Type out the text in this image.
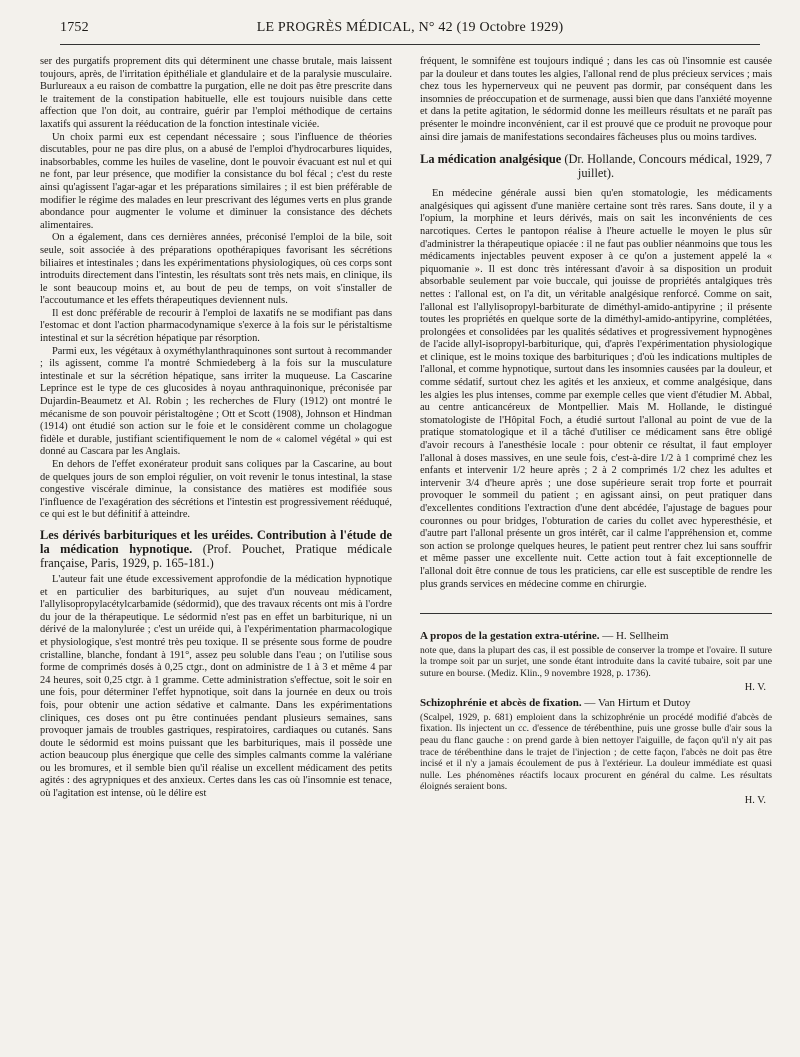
1752	LE PROGRÈS MÉDICAL, N° 42 (19 Octobre 1929)

ser des purgatifs proprement dits qui déterminent une chasse brutale, mais laissent toujours, après, de l'irritation épithéliale et glandulaire et de la paralysie musculaire. Burlureaux a eu raison de combattre la purgation, elle ne doit pas être prescrite dans le traitement de la constipation habituelle, elle est toujours nuisible dans cette affection que l'on doit, au contraire, guérir par l'emploi méthodique de certains laxatifs qui assurent la rééducation de la fonction intestinale viciée.

Un choix parmi eux est cependant nécessaire ; sous l'influence de théories discutables, pour ne pas dire plus, on a abusé de l'emploi d'hydrocarbures liquides, inabsorbables, comme les huiles de vaseline, dont le pouvoir évacuant est nul et qui ne font, par leur présence, que modifier la consistance du bol fécal ; c'est du reste ainsi qu'agissent l'agar-agar et les préparations similaires ; il est bien préférable de modifier le régime des malades en leur prescrivant des légumes verts en plus grande abondance pour augmenter le volume et diminuer la consistance des déchets alimentaires.

On a également, dans ces dernières années, préconisé l'emploi de la bile, soit seule, soit associée à des préparations opothérapiques favorisant les sécrétions biliaires et intestinales ; dans les expérimentations physiologiques, où ces corps sont introduits directement dans l'intestin, les résultats sont très nets mais, en clinique, ils le sont beaucoup moins et, au bout de peu de temps, on voit s'installer de l'accoutumance et les effets thérapeutiques deviennent nuls.

Il est donc préférable de recourir à l'emploi de laxatifs ne se modifiant pas dans l'estomac et dont l'action pharmacodynamique s'exerce à la fois sur le péristaltisme intestinal et sur la sécrétion hépatique par résorption.

Parmi eux, les végétaux à oxyméthylanthraquinones sont surtout à recommander ; ils agissent, comme l'a montré Schmiedeberg à la fois sur la musculature intestinale et sur la sécrétion hépatique, sans irriter la muqueuse. La Cascarine Leprince est le type de ces glucosides à noyau anthraquinonique, préconisée par Dujardin-Beaumetz et Al. Robin ; les recherches de Flury (1912) ont montré le mécanisme de son pouvoir péristaltogène ; Ott et Scott (1908), Johnson et Hindman (1914) ont étudié son action sur le foie et le considèrent comme un cholagogue fidèle et durable, justifiant scientifiquement le nom de « calomel végétal » qui est donné au Cascara par les Anglais.

En dehors de l'effet exonérateur produit sans coliques par la Cascarine, au bout de quelques jours de son emploi régulier, on voit revenir le tonus intestinal, la stase congestive viscérale diminue, la consistance des matières est modifiée sous l'influence de l'exagération des sécrétions et l'intestin est progressivement rééduqué, ce qui est le but définitif à atteindre.

Les dérivés barbituriques et les uréides. Contribution à l'étude de la médication hypnotique. (Prof. Pouchet, Pratique médicale française, Paris, 1929, p. 165-181.)

L'auteur fait une étude excessivement approfondie de la médication hypnotique et en particulier des barbituriques, au sujet d'un nouveau médicament, l'allylisopropylacétylcarbamide (sédormid), que des travaux récents ont mis à l'ordre du jour de la thérapeutique. Le sédormid n'est pas en effet un barbiturique, ni un dérivé de la malonylurée ; c'est un uréide qui, à l'expérimentation pharmacologique et physiologique, s'est montré très peu toxique. Il se présente sous forme de poudre cristalline, blanche, fondant à 191°, assez peu soluble dans l'eau ; on l'utilise sous forme de comprimés dosés à 0,25 ctgr., dont on administre de 1 à 3 et même 4 par 24 heures, soit 0,25 ctgr. à 1 gramme. Cette administration s'effectue, soit le soir en une fois, pour déterminer l'effet hypnotique, soit dans la journée en deux ou trois fois, pour obtenir une action sédative et calmante. Dans les expérimentations cliniques, ces doses ont pu être continuées pendant plusieurs semaines, sans provoquer jamais de troubles gastriques, respiratoires, cardiaques ou cutanés. Sans doute le sédormid est moins puissant que les barbituriques, mais il possède une action beaucoup plus énergique que celle des simples calmants comme la valériane ou les bromures, et il semble bien qu'il réalise un excellent médicament des petits agités : des agrypniques et des anxieux. Certes dans les cas où l'insomnie est tenace, où l'agitation est intense, où le délire est

fréquent, le somnifène est toujours indiqué ; dans les cas où l'insomnie est causée par la douleur et dans toutes les algies, l'allonal rend de plus précieux services ; mais chez tous les hypernerveux qui ne peuvent pas dormir, par conséquent dans les insomnies de préoccupation et de surmenage, aussi bien que dans l'anxiété moyenne et dans la petite agitation, le sédormid donne les meilleurs résultats et ne paraît pas présenter le moindre inconvénient, car il est prouvé que ce produit ne provoque pour ainsi dire jamais de manifestations secondaires fâcheuses plus ou moins tardives.

La médication analgésique (Dr. Hollande, Concours médical, 1929, 7 juillet).

En médecine générale aussi bien qu'en stomatologie, les médicaments analgésiques qui agissent d'une manière certaine sont très rares. Sans doute, il y a l'opium, la morphine et leurs dérivés, mais on sait les inconvénients de ces narcotiques. Certes le pantopon réalise à l'heure actuelle le moyen le plus sûr d'administrer la thérapeutique opiacée : il ne faut pas oublier néanmoins que tous les médicaments injectables peuvent exposer à ce qu'on a justement appelé la « piquomanie ». Il est donc très intéressant d'avoir à sa disposition un produit absorbable seulement par voie buccale, qui jouisse de propriétés antalgiques très nettes : l'allonal est, on l'a dit, un véritable analgésique renforcé. Comme on sait, l'allonal est l'allylisopropyl-barbiturate de diméthyl-amido-antipyrine ; il présente toutes les propriétés en quelque sorte de la diméthyl-amido-antipyrine, complétées, prolongées et consolidées par les qualités sédatives et progressivement hypnogènes de l'acide allyl-isopropyl-barbiturique, qui, d'après l'expérimentation physiologique et clinique, est le moins toxique des barbituriques ; d'où les indications multiples de l'allonal, et comme hypnotique, surtout dans les insomnies causées par la douleur, et comme sédatif, surtout chez les agités et les anxieux, et comme analgésique, dans les algies les plus intenses, comme par exemple celles que vient d'étudier M. Abbal, au centre anticancéreux de Montpellier. Mais M. Hollande, le distingué stomatologiste de l'Hôpital Foch, a étudié surtout l'allonal au point de vue de la pratique stomatologique et il a tâché d'utiliser ce médicament sans être obligé d'avoir recours à l'anesthésie locale : pour obtenir ce résultat, il faut employer l'allonal à doses massives, en une seule fois, c'est-à-dire 1/2 à 1 comprimé chez les enfants et intervenir 1/2 heure après ; 2 à 2 comprimés 1/2 chez les adultes et intervenir 3/4 d'heure après ; une dose supérieure serait trop forte et pourrait provoquer le sommeil du patient ; en agissant ainsi, on peut pratiquer dans d'excellentes conditions l'extraction d'une dent abcédée, l'ajustage de bagues pour couronnes ou pour bridges, l'obturation de caries du collet avec hyperesthésie, et d'autre part l'allonal présente un gros intérêt, car il calme l'appréhension et, comme son action se prolonge quelques heures, le patient peut rentrer chez lui sans souffrir et même passer une excellente nuit. Cette action tout à fait exceptionnelle de l'allonal doit être connue de tous les praticiens, car elle est susceptible de rendre les plus grands services en médecine comme en chirurgie.

A propos de la gestation extra-utérine. — H. Sellheim

note que, dans la plupart des cas, il est possible de conserver la trompe et l'ovaire. Il suture la trompe soit par un surjet, une sonde étant introduite dans la cavité tubaire, soit par une suture en bourse. (Mediz. Klin., 9 novembre 1928, p. 1736).

H. V.
Schizophrénie et abcès de fixation. — Van Hirtum et Dutoy

(Scalpel, 1929, p. 681) emploient dans la schizophrénie un procédé modifié d'abcès de fixation. Ils injectent un cc. d'essence de térébenthine, puis une grosse bulle d'air sous la peau du flanc gauche : on prend garde à bien nettoyer l'aiguille, de façon qu'il n'y ait pas trace de térébenthine dans le trajet de l'injection ; de cette façon, l'abcès ne doit pas être incisé et il n'y a jamais écoulement de pus à l'extérieur. La douleur immédiate est quasi nulle. Les phénomènes réactifs locaux procurent en général du calme. Les résultats éloignés seraient bons.

H. V.
